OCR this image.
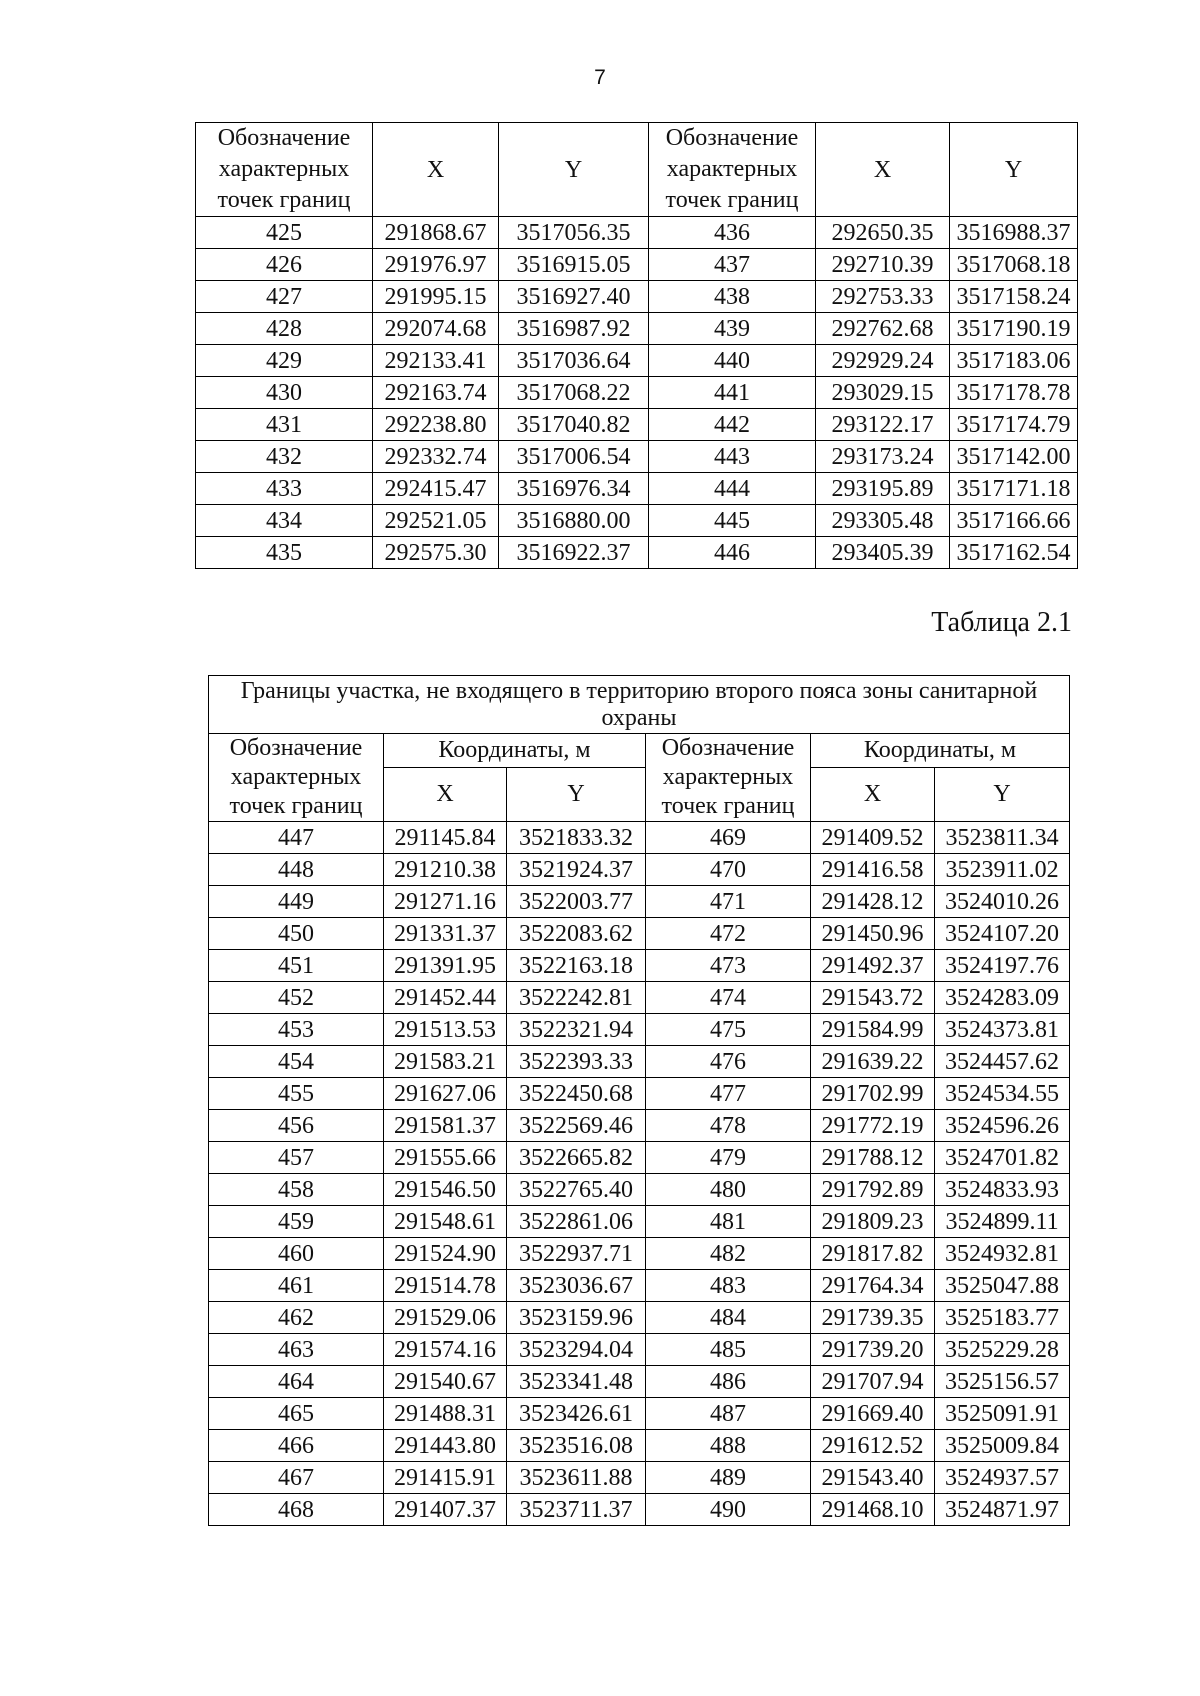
7
Обозначение характерных точек границ	X	Y	Обозначение характерных точек границ	X	Y
425	291868.67	3517056.35	436	292650.35	3516988.37
426	291976.97	3516915.05	437	292710.39	3517068.18
427	291995.15	3516927.40	438	292753.33	3517158.24
428	292074.68	3516987.92	439	292762.68	3517190.19
429	292133.41	3517036.64	440	292929.24	3517183.06
430	292163.74	3517068.22	441	293029.15	3517178.78
431	292238.80	3517040.82	442	293122.17	3517174.79
432	292332.74	3517006.54	443	293173.24	3517142.00
433	292415.47	3516976.34	444	293195.89	3517171.18
434	292521.05	3516880.00	445	293305.48	3517166.66
435	292575.30	3516922.37	446	293405.39	3517162.54
Таблица 2.1
Границы участка, не входящего в территорию второго пояса зоны санитарной охраны					
Обозначение характерных точек границ	Координаты, м		Обозначение характерных точек границ	Координаты, м	
	X	Y		X	Y
447	291145.84	3521833.32	469	291409.52	3523811.34
448	291210.38	3521924.37	470	291416.58	3523911.02
449	291271.16	3522003.77	471	291428.12	3524010.26
450	291331.37	3522083.62	472	291450.96	3524107.20
451	291391.95	3522163.18	473	291492.37	3524197.76
452	291452.44	3522242.81	474	291543.72	3524283.09
453	291513.53	3522321.94	475	291584.99	3524373.81
454	291583.21	3522393.33	476	291639.22	3524457.62
455	291627.06	3522450.68	477	291702.99	3524534.55
456	291581.37	3522569.46	478	291772.19	3524596.26
457	291555.66	3522665.82	479	291788.12	3524701.82
458	291546.50	3522765.40	480	291792.89	3524833.93
459	291548.61	3522861.06	481	291809.23	3524899.11
460	291524.90	3522937.71	482	291817.82	3524932.81
461	291514.78	3523036.67	483	291764.34	3525047.88
462	291529.06	3523159.96	484	291739.35	3525183.77
463	291574.16	3523294.04	485	291739.20	3525229.28
464	291540.67	3523341.48	486	291707.94	3525156.57
465	291488.31	3523426.61	487	291669.40	3525091.91
466	291443.80	3523516.08	488	291612.52	3525009.84
467	291415.91	3523611.88	489	291543.40	3524937.57
468	291407.37	3523711.37	490	291468.10	3524871.97
